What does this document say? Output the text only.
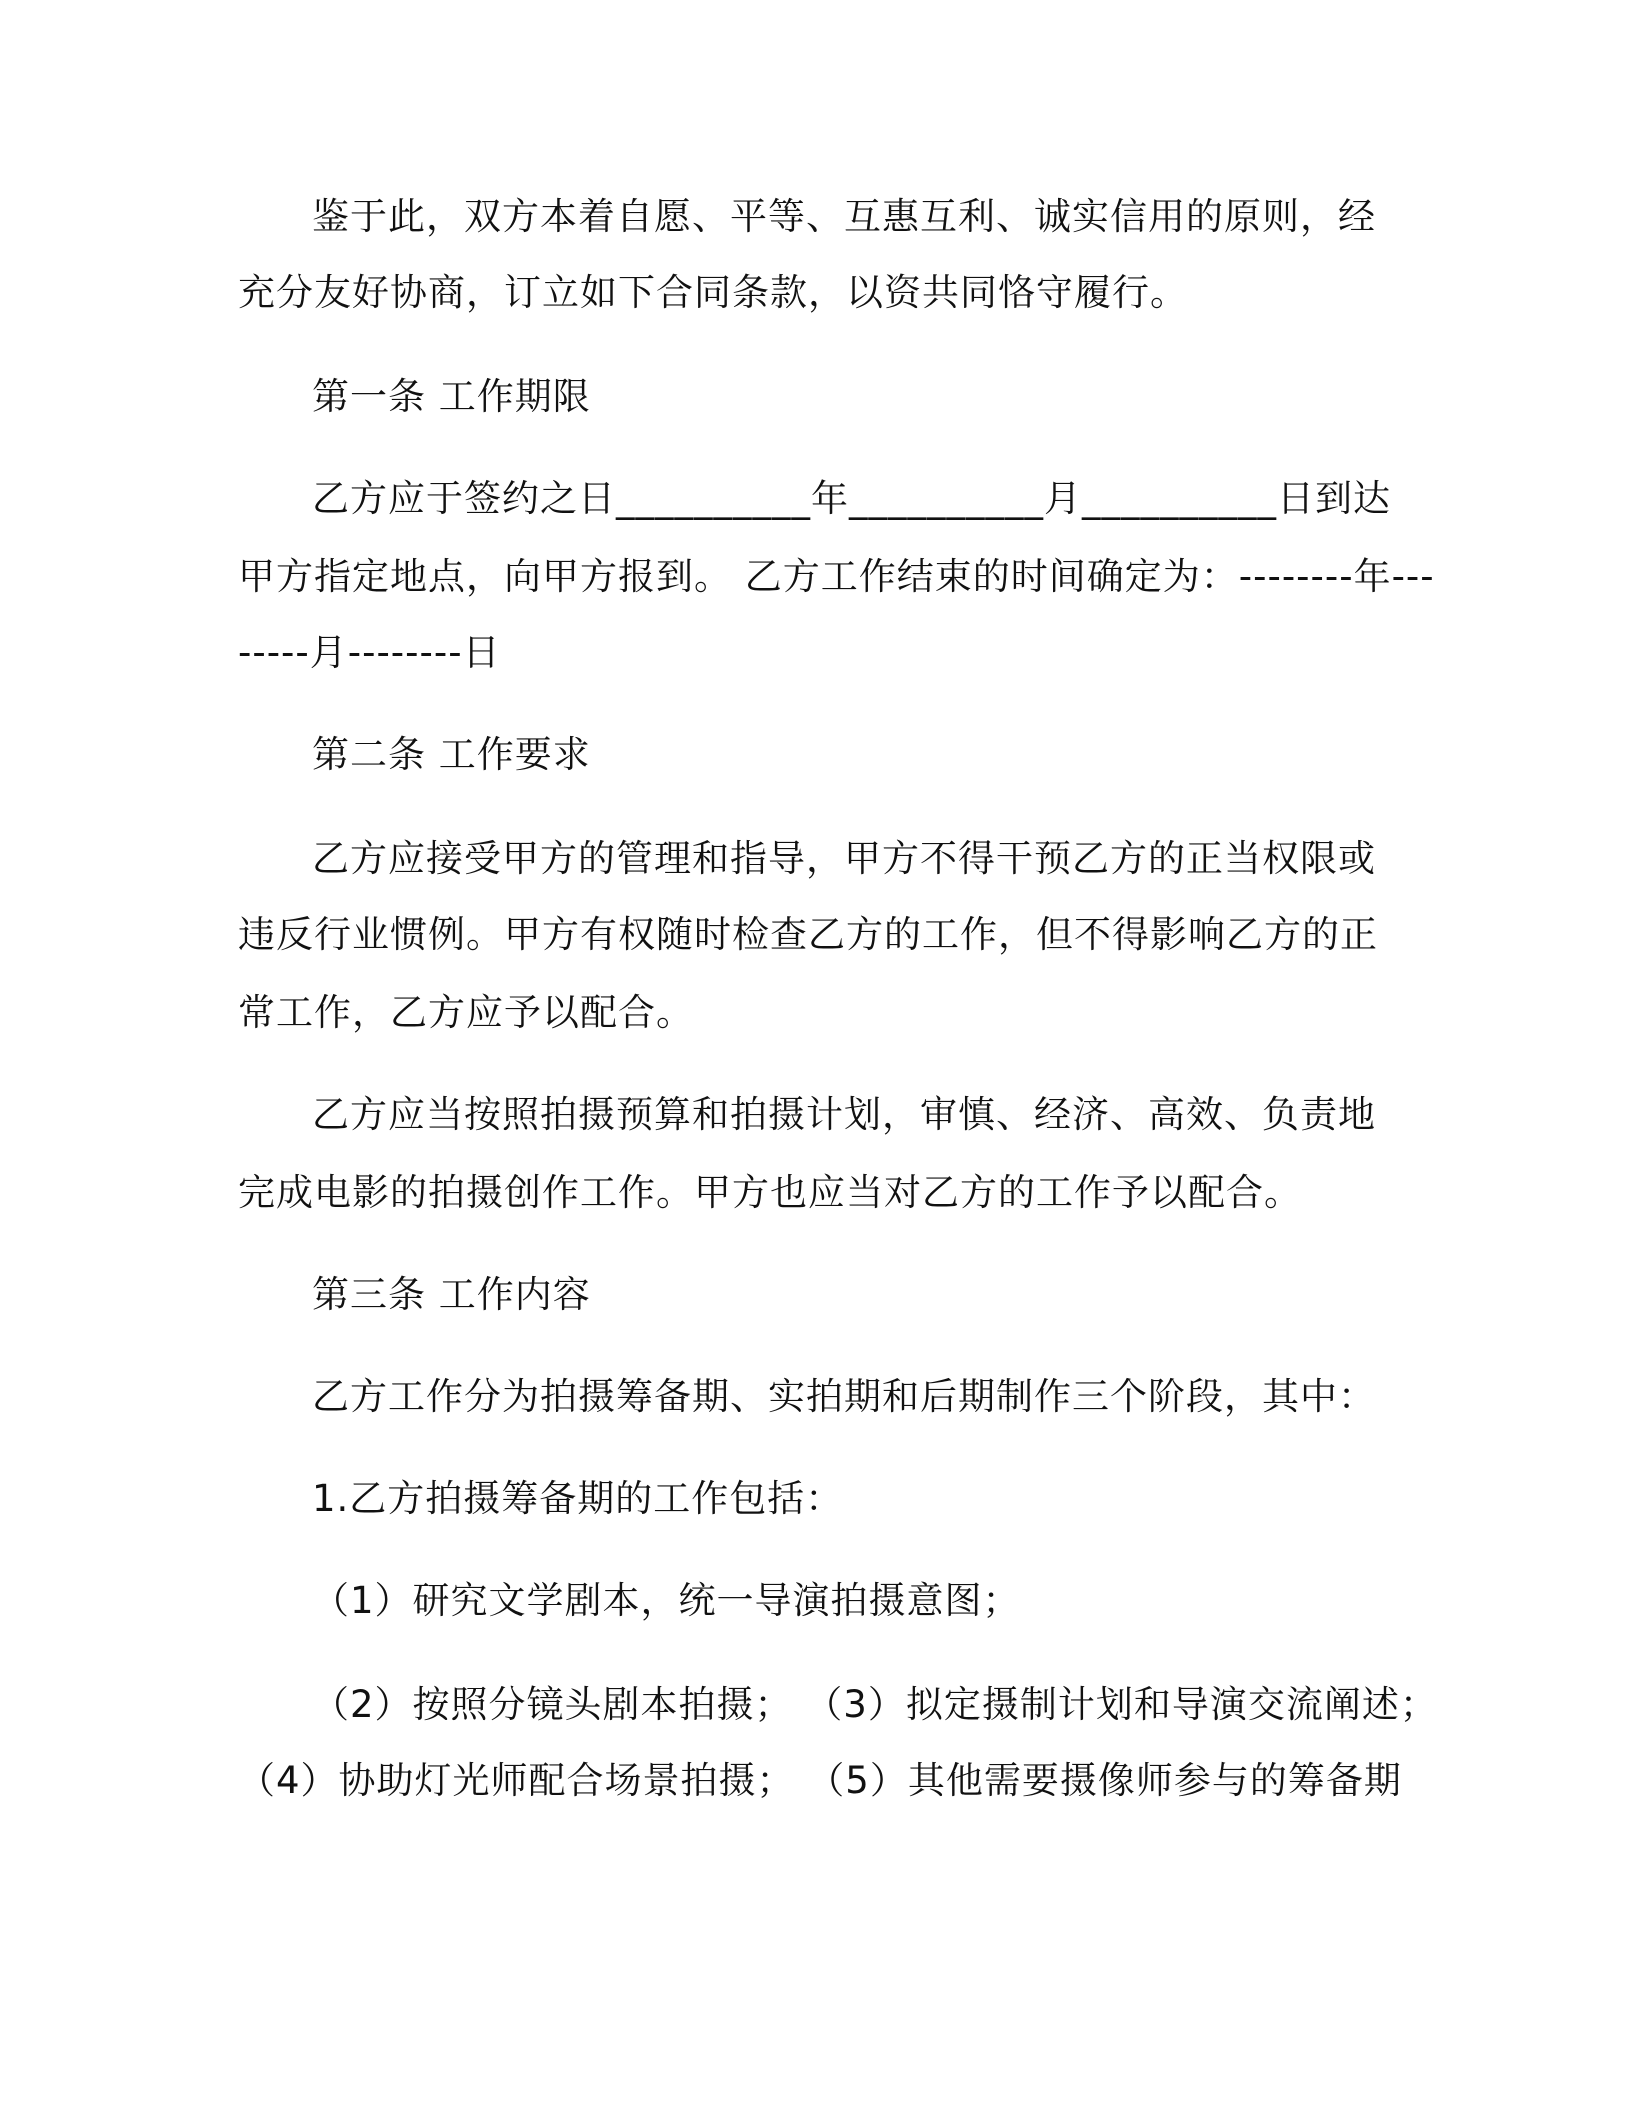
鉴于此，双方本着自愿、平等、互惠互利、诚实信用的原则，经
充分友好协商，订立如下合同条款，以资共同恪守履行。
第一条 工作期限
乙方应于签约之日__________年__________月__________日到达
甲方指定地点，向甲方报到。 乙方工作结束的时间确定为：--------年---
-----月--------日
第二条 工作要求
乙方应接受甲方的管理和指导，甲方不得干预乙方的正当权限或
违反行业惯例。甲方有权随时检查乙方的工作，但不得影响乙方的正
常工作，乙方应予以配合。
乙方应当按照拍摄预算和拍摄计划，审慎、经济、高效、负责地
完成电影的拍摄创作工作。甲方也应当对乙方的工作予以配合。
第三条 工作内容
乙方工作分为拍摄筹备期、实拍期和后期制作三个阶段，其中：
1.乙方拍摄筹备期的工作包括：
（1）研究文学剧本，统一导演拍摄意图；
（2）按照分镜头剧本拍摄； （3）拟定摄制计划和导演交流阐述；
（4）协助灯光师配合场景拍摄； （5）其他需要摄像师参与的筹备期
